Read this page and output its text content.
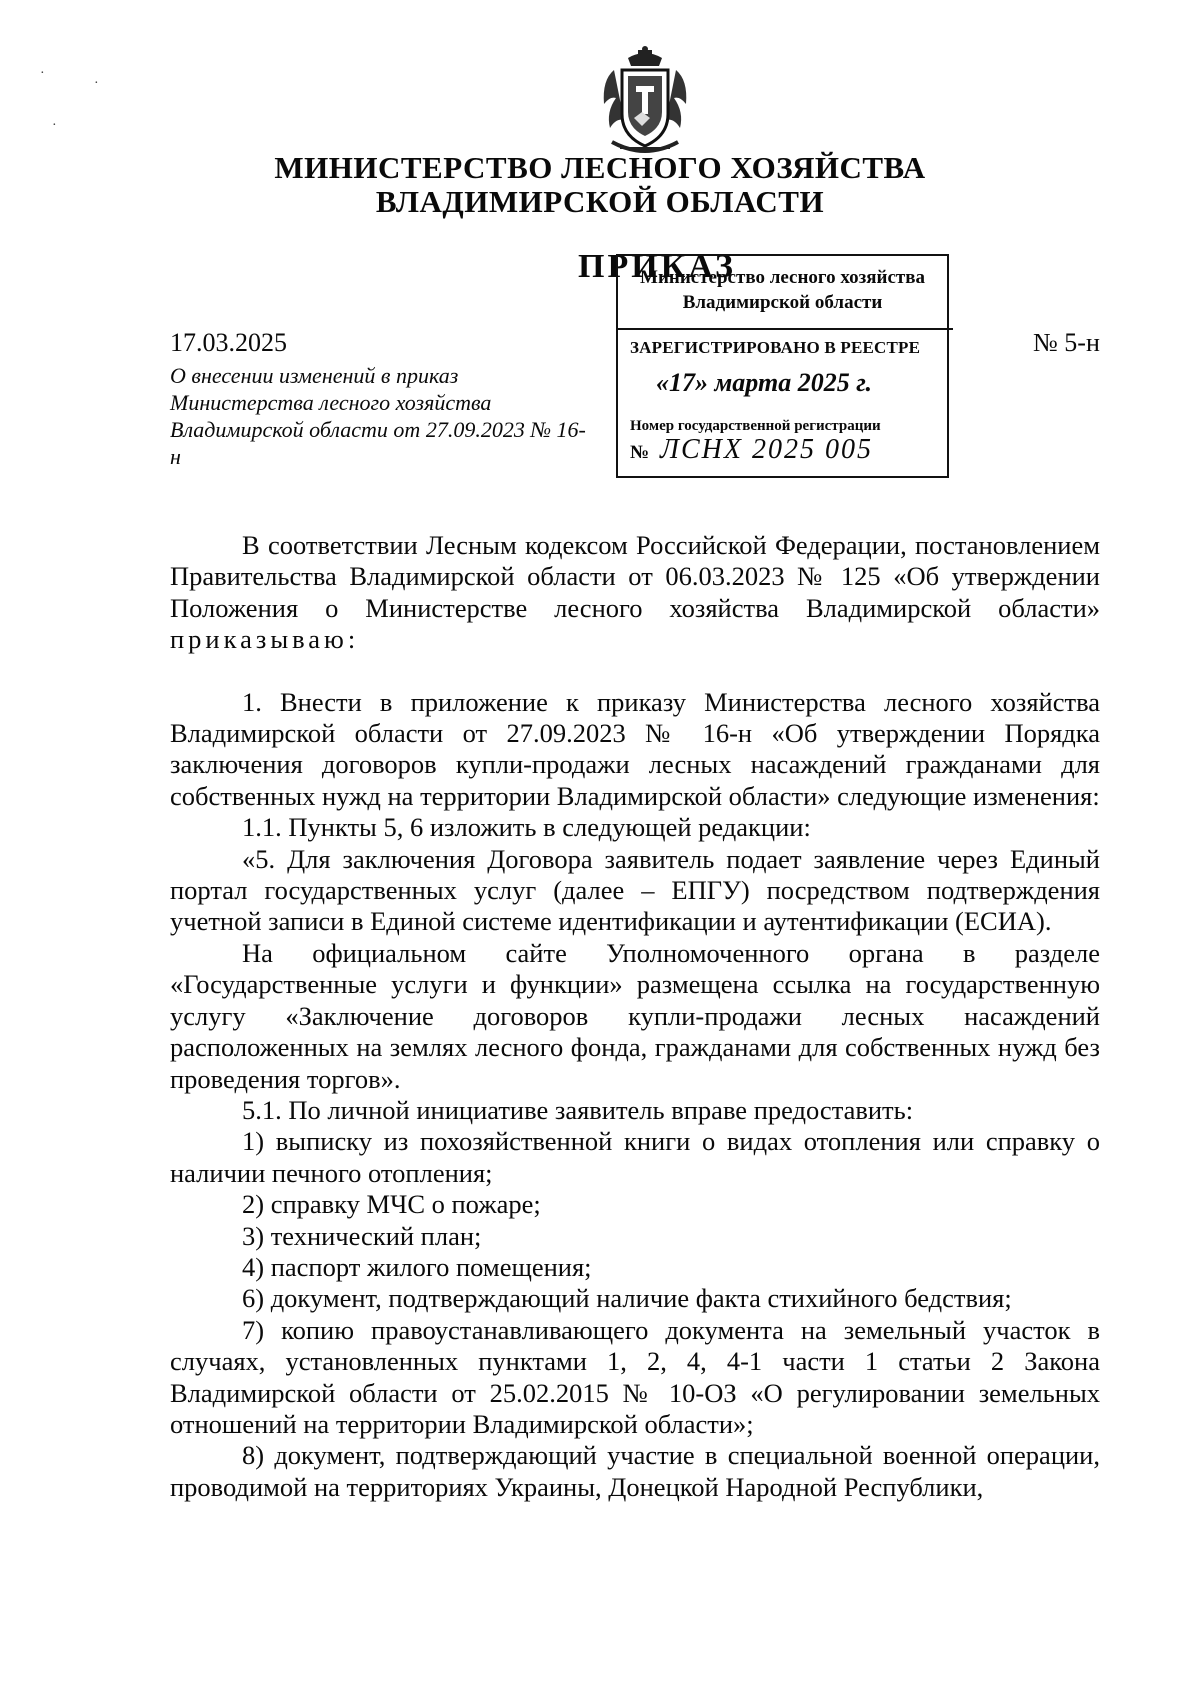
МИНИСТЕРСТВО ЛЕСНОГО ХОЗЯЙСТВА
ВЛАДИМИРСКОЙ ОБЛАСТИ
ПРИКАЗ
Министерство лесного хозяйства
Владимирской области
ЗАРЕГИСТРИРОВАНО В РЕЕСТРЕ
«17» марта 2025 г.
Номер государственной регистрации
№ ЛСНХ 2025 005
17.03.2025	№ 5-н
О внесении изменений в приказ Министерства лесного хозяйства Владимирской области от 27.09.2023 № 16-н
·
·
·

В соответствии Лесным кодексом Российской Федерации, постановлением Правительства Владимирской области от 06.03.2023 № 125 «Об утверждении Положения о Министерстве лесного хозяйства Владимирской области» приказываю:

1. Внести в приложение к приказу Министерства лесного хозяйства Владимирской области от 27.09.2023 № 16-н «Об утверждении Порядка заключения договоров купли-продажи лесных насаждений гражданами для собственных нужд на территории Владимирской области» следующие изменения:

1.1. Пункты 5, 6 изложить в следующей редакции:

«5. Для заключения Договора заявитель подает заявление через Единый портал государственных услуг (далее – ЕПГУ) посредством подтверждения учетной записи в Единой системе идентификации и аутентификации (ЕСИА).

На официальном сайте Уполномоченного органа в разделе «Государственные услуги и функции» размещена ссылка на государственную услугу «Заключение договоров купли-продажи лесных насаждений расположенных на землях лесного фонда, гражданами для собственных нужд без проведения торгов».

5.1. По личной инициативе заявитель вправе предоставить:

1) выписку из похозяйственной книги о видах отопления или справку о наличии печного отопления;

2) справку МЧС о пожаре;

3) технический план;

4) паспорт жилого помещения;

6) документ, подтверждающий наличие факта стихийного бедствия;

7) копию правоустанавливающего документа на земельный участок в случаях, установленных пунктами 1, 2, 4, 4-1 части 1 статьи 2 Закона Владимирской области от 25.02.2015 № 10-ОЗ «О регулировании земельных отношений на территории Владимирской области»;

8) документ, подтверждающий участие в специальной военной операции, проводимой на территориях Украины, Донецкой Народной Республики,
